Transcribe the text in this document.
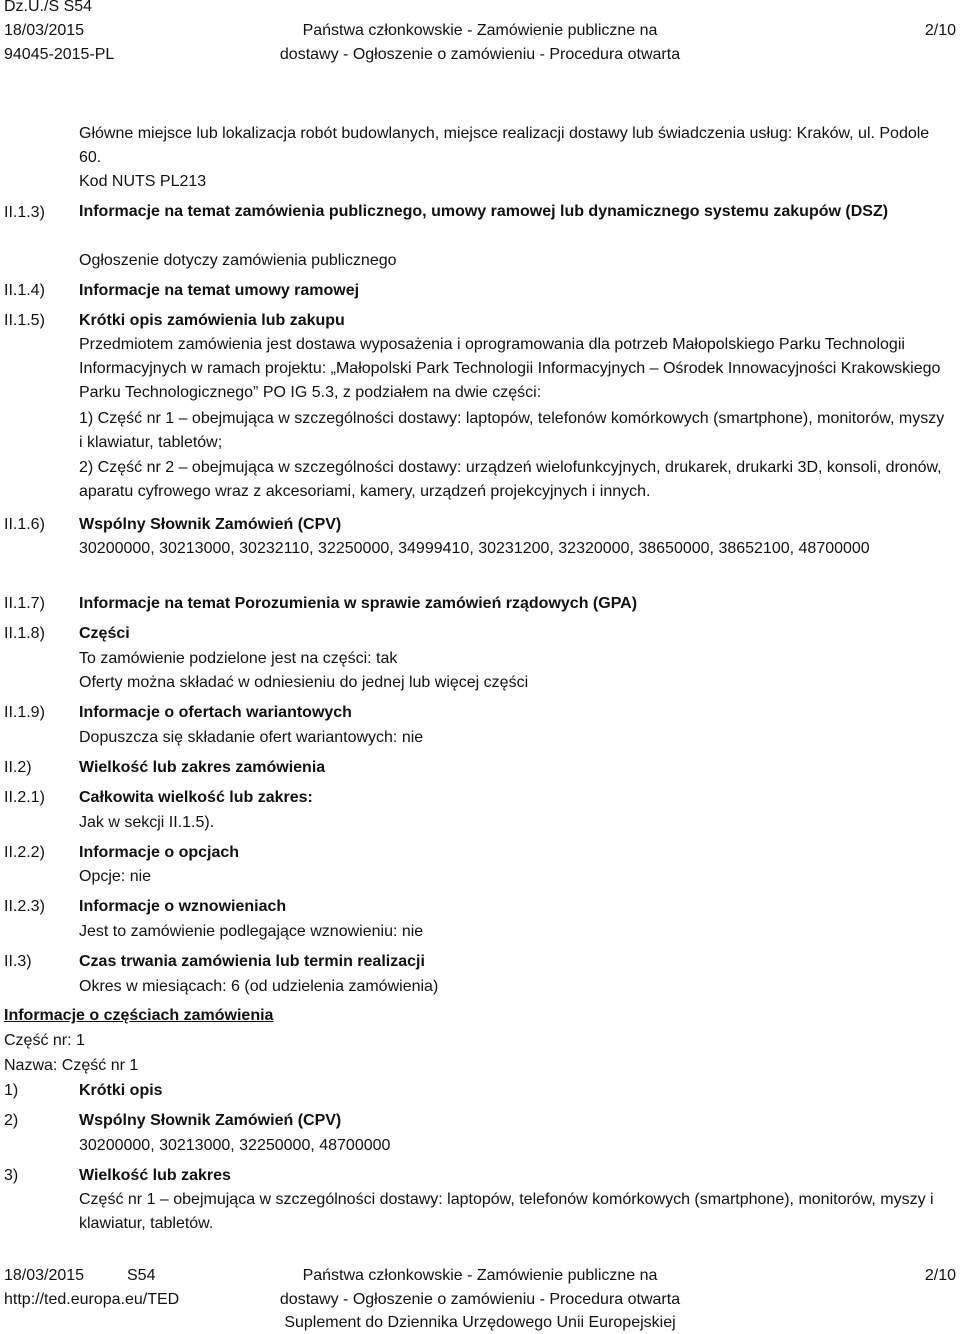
Dz.U./S S54
18/03/2015
94045-2015-PL
Państwa członkowskie - Zamówienie publiczne na
dostawy - Ogłoszenie o zamówieniu - Procedura otwarta
2/10
Główne miejsce lub lokalizacja robót budowlanych, miejsce realizacji dostawy lub świadczenia usług: Kraków, ul. Podole 60.
Kod NUTS PL213
II.1.3) Informacje na temat zamówienia publicznego, umowy ramowej lub dynamicznego systemu zakupów (DSZ)
Ogłoszenie dotyczy zamówienia publicznego
II.1.4) Informacje na temat umowy ramowej
II.1.5) Krótki opis zamówienia lub zakupu
Przedmiotem zamówienia jest dostawa wyposażenia i oprogramowania dla potrzeb Małopolskiego Parku Technologii Informacyjnych w ramach projektu: „Małopolski Park Technologii Informacyjnych – Ośrodek Innowacyjności Krakowskiego Parku Technologicznego” PO IG 5.3, z podziałem na dwie części:
1) Część nr 1 – obejmująca w szczególności dostawy: laptopów, telefonów komórkowych (smartphone), monitorów, myszy i klawiatur, tabletów;
2) Część nr 2 – obejmująca w szczególności dostawy: urządzeń wielofunkcyjnych, drukarek, drukarki 3D, konsoli, dronów, aparatu cyfrowego wraz z akcesoriami, kamery, urządzeń projekcyjnych i innych.
II.1.6) Wspólny Słownik Zamówień (CPV)
30200000, 30213000, 30232110, 32250000, 34999410, 30231200, 32320000, 38650000, 38652100, 48700000
II.1.7) Informacje na temat Porozumienia w sprawie zamówień rządowych (GPA)
II.1.8) Części
To zamówienie podzielone jest na części: tak
Oferty można składać w odniesieniu do jednej lub więcej części
II.1.9) Informacje o ofertach wariantowych
Dopuszcza się składanie ofert wariantowych: nie
II.2)	Wielkość lub zakres zamówienia
II.2.1) Całkowita wielkość lub zakres:
Jak w sekcji II.1.5).
II.2.2) Informacje o opcjach
Opcje: nie
II.2.3) Informacje o wznowieniach
Jest to zamówienie podlegające wznowieniu: nie
II.3)	Czas trwania zamówienia lub termin realizacji
Okres w miesiącach: 6 (od udzielenia zamówienia)
Informacje o częściach zamówienia
Część nr: 1
Nazwa: Część nr 1
1)	Krótki opis
2)	Wspólny Słownik Zamówień (CPV)
30200000, 30213000, 32250000, 48700000
3)	Wielkość lub zakres
Część nr 1 – obejmująca w szczególności dostawy: laptopów, telefonów komórkowych (smartphone), monitorów, myszy i klawiatur, tabletów.
18/03/2015	S54
http://ted.europa.eu/TED
Państwa członkowskie - Zamówienie publiczne na
dostawy - Ogłoszenie o zamówieniu - Procedura otwarta
Suplement do Dziennika Urzędowego Unii Europejskiej
2/10
